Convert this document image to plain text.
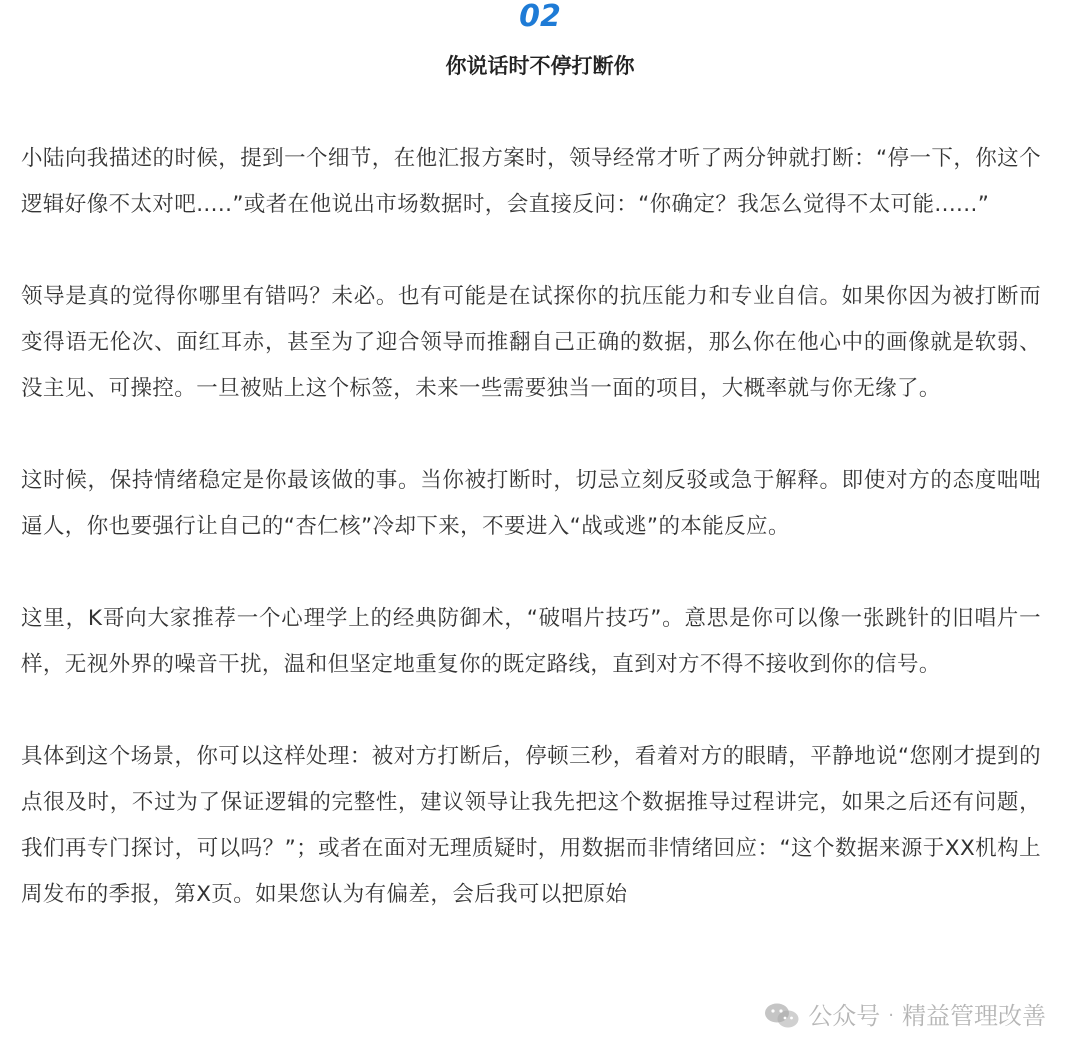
02
你说话时不停打断你

小陆向我描述的时候，提到一个细节，在他汇报方案时，领导经常才听了两分钟就打断：“停一下，你这个逻辑好像不太对吧.....”或者在他说出市场数据时，会直接反问：“你确定？我怎么觉得不太可能......”

领导是真的觉得你哪里有错吗？未必。也有可能是在试探你的抗压能力和专业自信。如果你因为被打断而变得语无伦次、面红耳赤，甚至为了迎合领导而推翻自己正确的数据，那么你在他心中的画像就是软弱、没主见、可操控。一旦被贴上这个标签，未来一些需要独当一面的项目，大概率就与你无缘了。

这时候，保持情绪稳定是你最该做的事。当你被打断时，切忌立刻反驳或急于解释。即使对方的态度咄咄逼人，你也要强行让自己的“杏仁核”冷却下来，不要进入“战或逃”的本能反应。

这里，K哥向大家推荐一个心理学上的经典防御术，“破唱片技巧”。意思是你可以像一张跳针的旧唱片一样，无视外界的噪音干扰，温和但坚定地重复你的既定路线，直到对方不得不接收到你的信号。

具体到这个场景，你可以这样处理：被对方打断后，停顿三秒，看着对方的眼睛，平静地说“您刚才提到的点很及时，不过为了保证逻辑的完整性，建议领导让我先把这个数据推导过程讲完，如果之后还有问题，我们再专门探讨，可以吗？”；或者在面对无理质疑时，用数据而非情绪回应：“这个数据来源于XX机构上周发布的季报，第X页。如果您认为有偏差，会后我可以把原始

公众号 · 精益管理改善
